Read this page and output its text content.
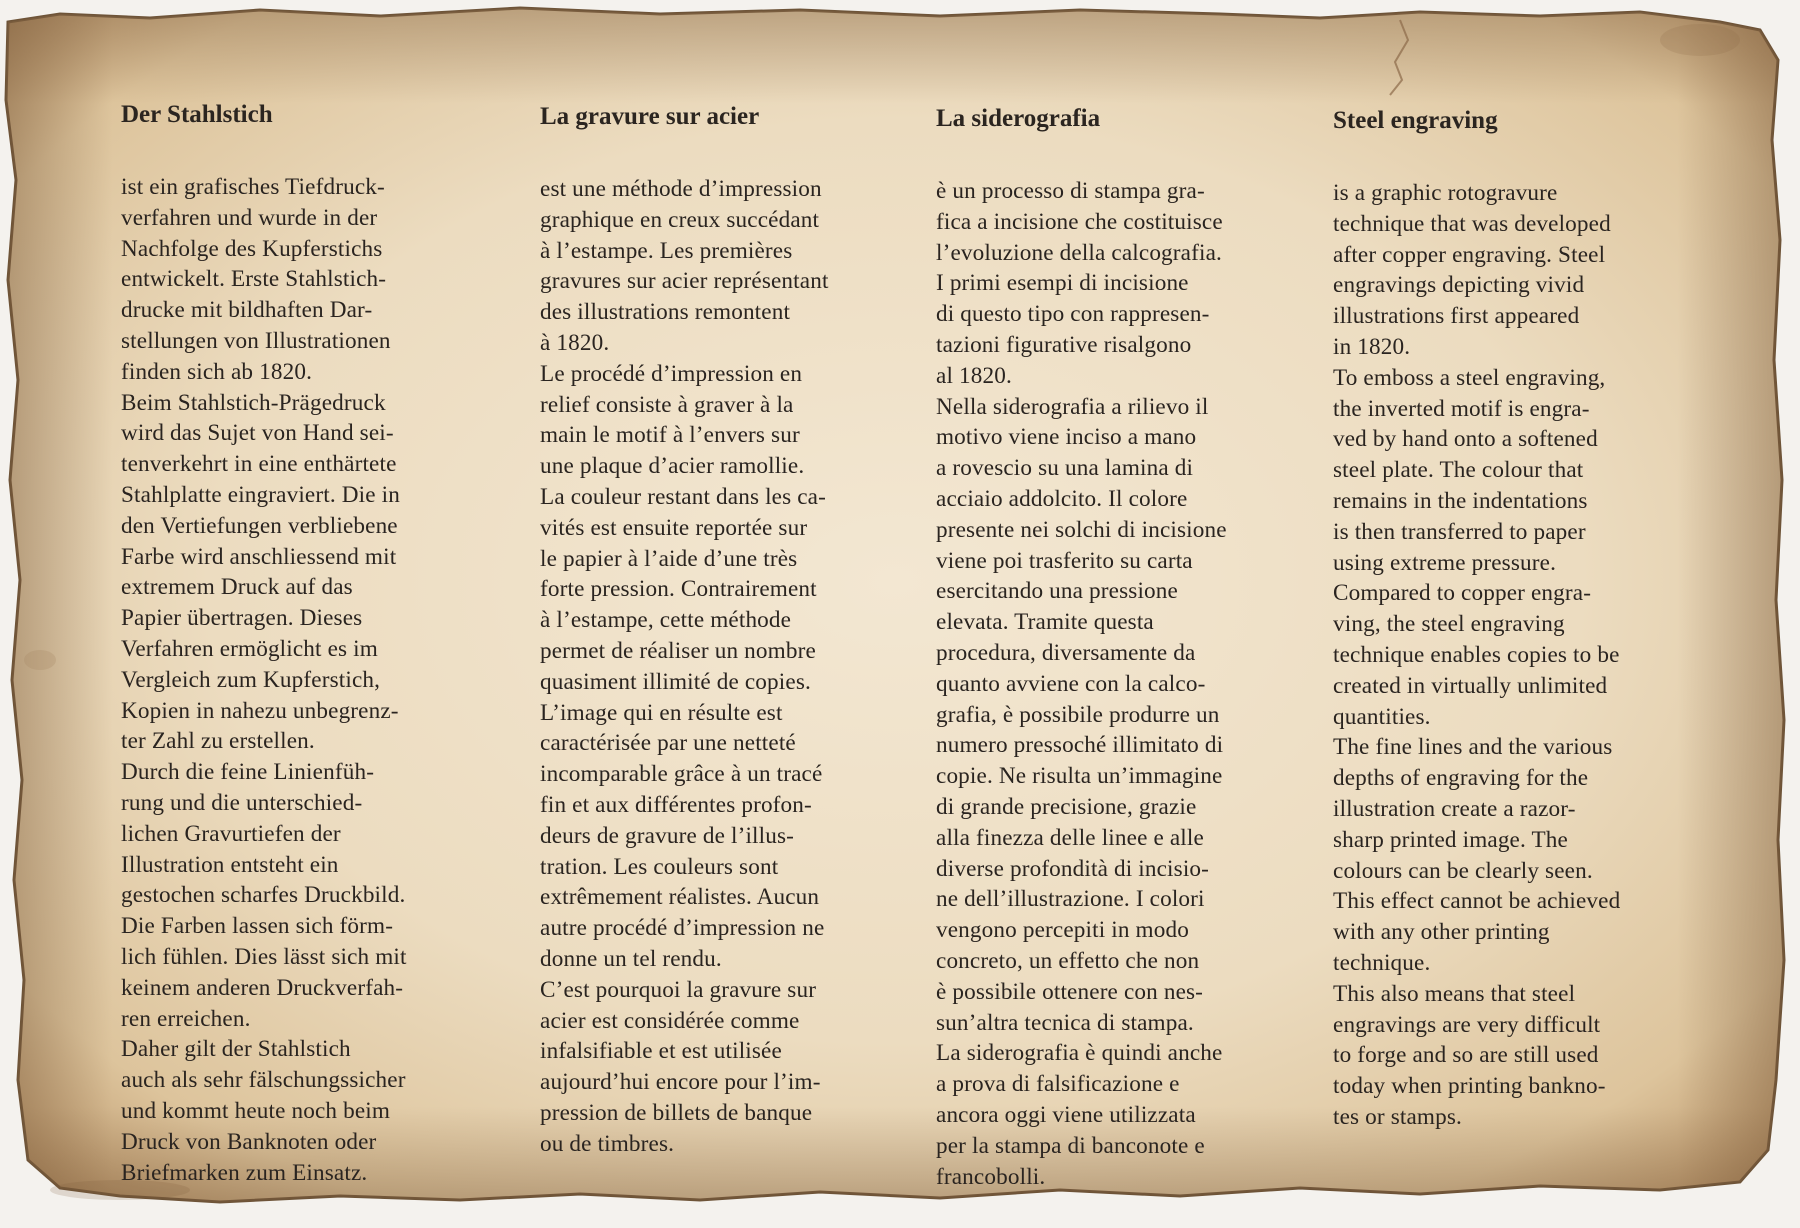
Der Stahlstich
ist ein grafisches Tiefdruck-
verfahren und wurde in der
Nachfolge des Kupferstichs
entwickelt. Erste Stahlstich-
drucke mit bildhaften Dar-
stellungen von Illustrationen
finden sich ab 1820.
Beim Stahlstich-Prägedruck
wird das Sujet von Hand sei-
tenverkehrt in eine enthärtete
Stahlplatte eingraviert. Die in
den Vertiefungen verbliebene
Farbe wird anschliessend mit
extremem Druck auf das
Papier übertragen. Dieses
Verfahren ermöglicht es im
Vergleich zum Kupferstich,
Kopien in nahezu unbegrenz-
ter Zahl zu erstellen.
Durch die feine Linienfüh-
rung und die unterschied-
lichen Gravurtiefen der
Illustration entsteht ein
gestochen scharfes Druckbild.
Die Farben lassen sich förm-
lich fühlen. Dies lässt sich mit
keinem anderen Druckverfah-
ren erreichen.
Daher gilt der Stahlstich
auch als sehr fälschungssicher
und kommt heute noch beim
Druck von Banknoten oder
Briefmarken zum Einsatz.
La gravure sur acier
est une méthode d’impression
graphique en creux succédant
à l’estampe. Les premières
gravures sur acier représentant
des illustrations remontent
à 1820.
Le procédé d’impression en
relief consiste à graver à la
main le motif à l’envers sur
une plaque d’acier ramollie.
La couleur restant dans les ca-
vités est ensuite reportée sur
le papier à l’aide d’une très
forte pression. Contrairement
à l’estampe, cette méthode
permet de réaliser un nombre
quasiment illimité de copies.
L’image qui en résulte est
caractérisée par une netteté
incomparable grâce à un tracé
fin et aux différentes profon-
deurs de gravure de l’illus-
tration. Les couleurs sont
extrêmement réalistes. Aucun
autre procédé d’impression ne
donne un tel rendu.
C’est pourquoi la gravure sur
acier est considérée comme
infalsifiable et est utilisée
aujourd’hui encore pour l’im-
pression de billets de banque
ou de timbres.
La siderografia
è un processo di stampa gra-
fica a incisione che costituisce
l’evoluzione della calcografia.
I primi esempi di incisione
di questo tipo con rappresen-
tazioni figurative risalgono
al 1820.
Nella siderografia a rilievo il
motivo viene inciso a mano
a rovescio su una lamina di
acciaio addolcito. Il colore
presente nei solchi di incisione
viene poi trasferito su carta
esercitando una pressione
elevata. Tramite questa
procedura, diversamente da
quanto avviene con la calco-
grafia, è possibile produrre un
numero pressoché illimitato di
copie. Ne risulta un’immagine
di grande precisione, grazie
alla finezza delle linee e alle
diverse profondità di incisio-
ne dell’illustrazione. I colori
vengono percepiti in modo
concreto, un effetto che non
è possibile ottenere con nes-
sun’altra tecnica di stampa.
La siderografia è quindi anche
a prova di falsificazione e
ancora oggi viene utilizzata
per la stampa di banconote e
francobolli.
Steel engraving
is a graphic rotogravure
technique that was developed
after copper engraving. Steel
engravings depicting vivid
illustrations first appeared
in 1820.
To emboss a steel engraving,
the inverted motif is engra-
ved by hand onto a softened
steel plate. The colour that
remains in the indentations
is then transferred to paper
using extreme pressure.
Compared to copper engra-
ving, the steel engraving
technique enables copies to be
created in virtually unlimited
quantities.
The fine lines and the various
depths of engraving for the
illustration create a razor-
sharp printed image. The
colours can be clearly seen.
This effect cannot be achieved
with any other printing
technique.
This also means that steel
engravings are very difficult
to forge and so are still used
today when printing bankno-
tes or stamps.
